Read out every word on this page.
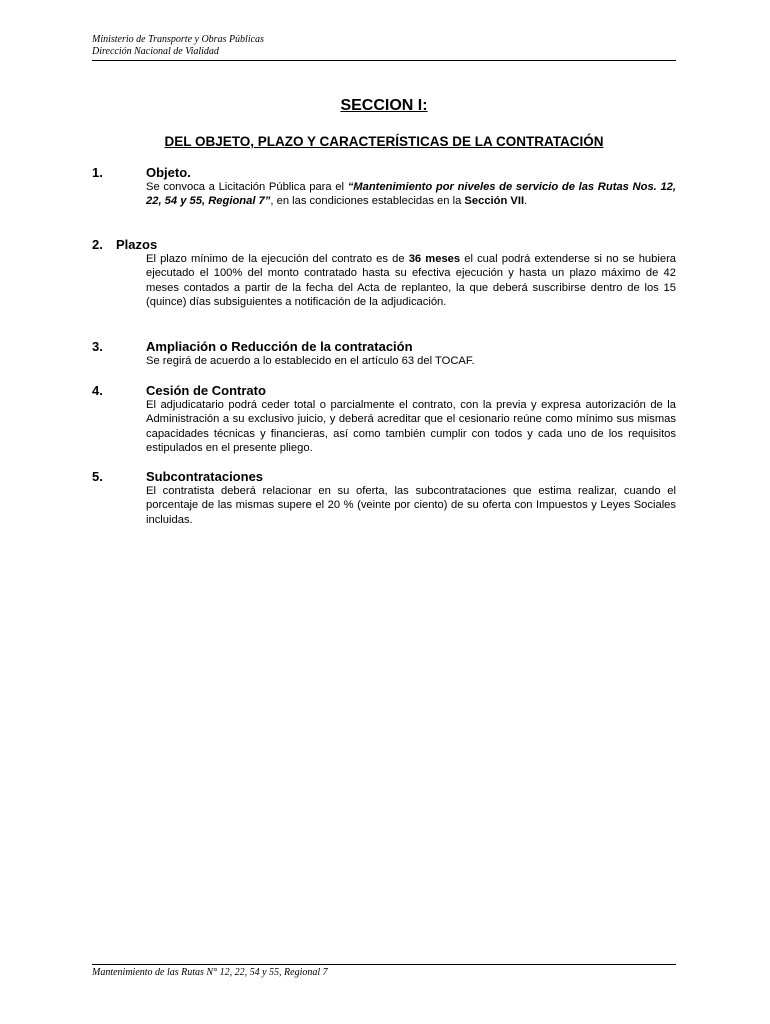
Ministerio de Transporte y Obras Públicas
Dirección Nacional de Vialidad
SECCION I:
DEL OBJETO, PLAZO Y CARACTERÍSTICAS DE LA CONTRATACIÓN
1.	Objeto.
Se convoca a Licitación Pública para el “Mantenimiento por niveles de servicio de las Rutas Nos. 12, 22, 54 y 55, Regional 7”, en las condiciones establecidas en la Sección VII.
2. Plazos
El plazo mínimo de la ejecución del contrato es de 36 meses el cual podrá extenderse si no se hubiera ejecutado el 100% del monto contratado hasta su efectiva ejecución y hasta un plazo máximo de 42 meses contados a partir de la fecha del Acta de replanteo, la que deberá suscribirse dentro de los 15 (quince) días subsiguientes a notificación de la adjudicación.
3.	Ampliación o Reducción de la contratación
Se regirá de acuerdo a lo establecido en el artículo 63 del TOCAF.
4.	Cesión de Contrato
El adjudicatario podrá ceder total o parcialmente el contrato, con la previa y expresa autorización de la Administración a su exclusivo juicio, y deberá acreditar que el cesionario reúne como mínimo sus mismas capacidades técnicas y financieras, así como también cumplir con todos y cada uno de los requisitos estipulados en el presente pliego.
5.	Subcontrataciones
El contratista deberá relacionar en su oferta, las subcontrataciones que estima realizar, cuando el porcentaje de las mismas supere el 20 % (veinte por ciento) de su oferta con Impuestos y Leyes Sociales incluidas.
Mantenimiento de las Rutas N° 12, 22, 54 y 55, Regional 7
